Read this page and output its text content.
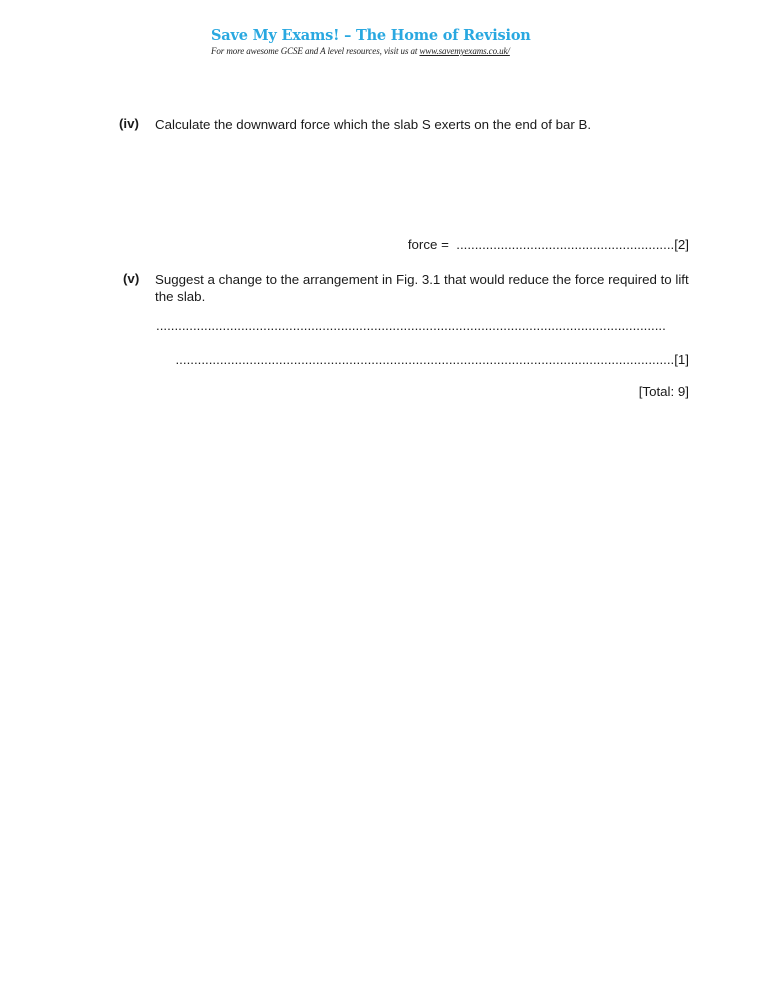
Save My Exams! – The Home of Revision
For more awesome GCSE and A level resources, visit us at www.savemyexams.co.uk/
(iv) Calculate the downward force which the slab S exerts on the end of bar B.
force = ...........................................................[2]
(v) Suggest a change to the arrangement in Fig. 3.1 that would reduce the force required to lift the slab.
..........................................................................................................................................
.......................................................................................................................................[1]
[Total: 9]
